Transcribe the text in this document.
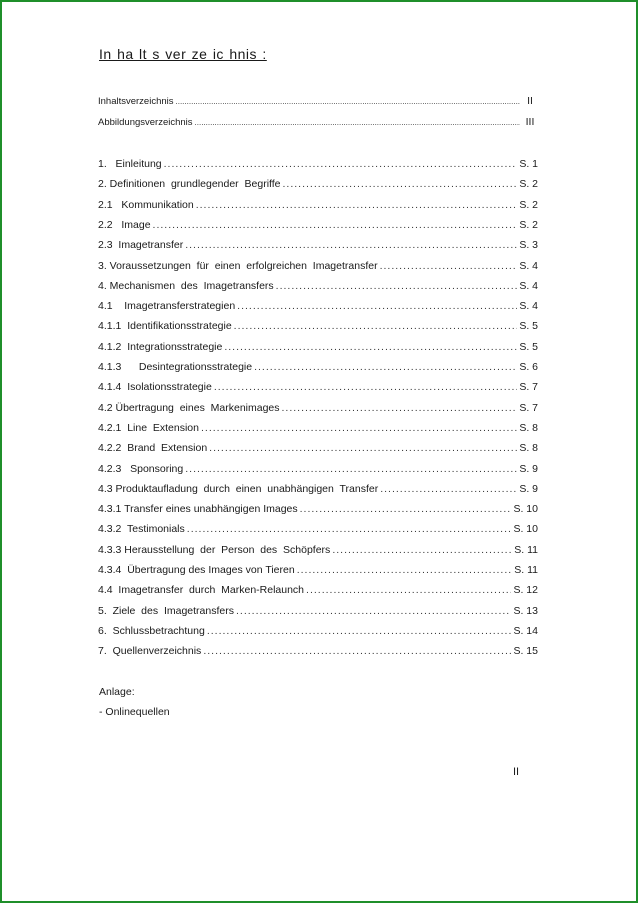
In ha lt s ver ze ic hnis :
Inhaltsverzeichnis .....	II
Abbildungsverzeichnis .....	III
1.   Einleitung .....	S. 1
2. Definitionen  grundlegender  Begriffe .....	S. 2
2.1   Kommunikation .....	S. 2
2.2   Image .....	S. 2
2.3  Imagetransfer .....	S. 3
3. Voraussetzungen  für  einen  erfolgreichen  Imagetransfer .....	S. 4
4. Mechanismen  des  Imagetransfers .....	S. 4
4.1    Imagetransferstrategien .....	S. 4
4.1.1  Identifikationsstrategie .....	S. 5
4.1.2  Integrationsstrategie .....	S. 5
4.1.3      Desintegrationsstrategie .....	S. 6
4.1.4  Isolationsstrategie .....	S. 7
4.2 Übertragung  eines  Markenimages .....	S. 7
4.2.1  Line  Extension .....	S. 8
4.2.2  Brand  Extension .....	S. 8
4.2.3   Sponsoring .....	S. 9
4.3 Produktaufladung  durch  einen  unabhängigen  Transfer .....	S. 9
4.3.1 Transfer eines unabhängigen Images .....	S. 10
4.3.2  Testimonials .....	S. 10
4.3.3 Herausstellung  der  Person  des  Schöpfers .....	S. 11
4.3.4  Übertragung des Images von Tieren .....	S. 11
4.4  Imagetransfer  durch  Marken-Relaunch .....	S. 12
5.  Ziele  des  Imagetransfers .....	S. 13
6.  Schlussbetrachtung .....	S. 14
7.  Quellenverzeichnis .....	S. 15
Anlage:
- Onlinequellen
II
